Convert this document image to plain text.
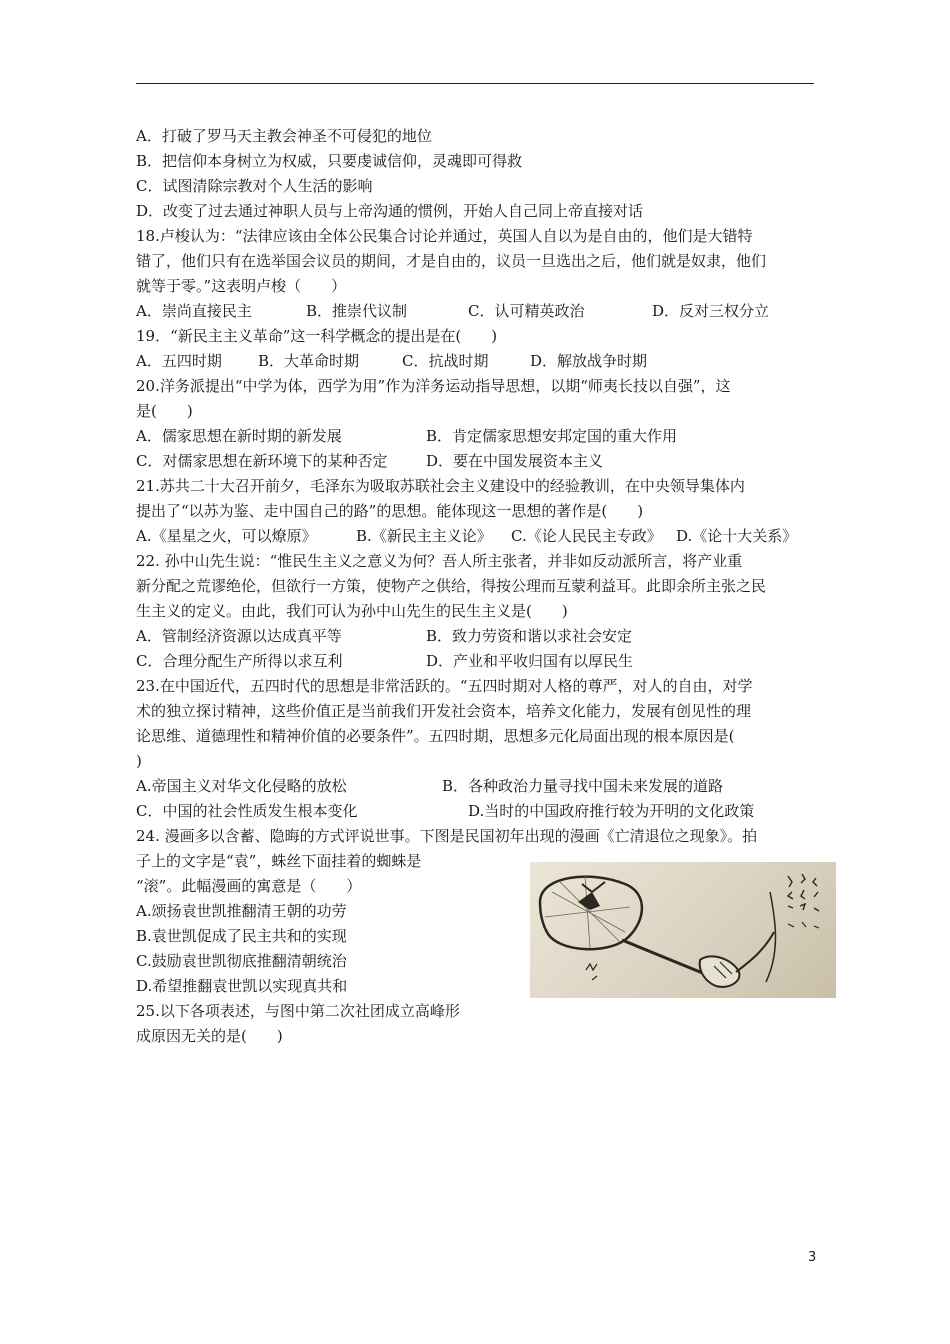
A．打破了罗马天主教会神圣不可侵犯的地位
B．把信仰本身树立为权威，只要虔诚信仰，灵魂即可得救
C．试图清除宗教对个人生活的影响
D．改变了过去通过神职人员与上帝沟通的惯例，开始人自己同上帝直接对话
18.卢梭认为：“法律应该由全体公民集合讨论并通过，英国人自以为是自由的，他们是大错特
错了，他们只有在选举国会议员的期间，才是自由的，议员一旦选出之后，他们就是奴隶，他们
就等于零。”这表明卢梭（　　）
A．崇尚直接民主	B．推崇代议制	C．认可精英政治	D．反对三权分立
19．“新民主主义革命”这一科学概念的提出是在(　　)
A．五四时期	B．大革命时期	C．抗战时期	D．解放战争时期
20.洋务派提出“中学为体，西学为用”作为洋务运动指导思想，以期“师夷长技以自强”，这
是(　　)
A．儒家思想在新时期的新发展	B．肯定儒家思想安邦定国的重大作用
C．对儒家思想在新环境下的某种否定	D．要在中国发展资本主义
21.苏共二十大召开前夕，毛泽东为吸取苏联社会主义建设中的经验教训，在中央领导集体内
提出了“以苏为鉴、走中国自己的路”的思想。能体现这一思想的著作是(　　)
A.《星星之火，可以燎原》	B.《新民主主义论》	C.《论人民民主专政》 D.《论十大关系》
22. 孙中山先生说：“惟民生主义之意义为何？吾人所主张者，并非如反动派所言，将产业重
新分配之荒谬绝伦，但欲行一方策，使物产之供给，得按公理而互蒙利益耳。此即余所主张之民
生主义的定义。由此，我们可认为孙中山先生的民生主义是(　　)
A．管制经济资源以达成真平等	B．致力劳资和谐以求社会安定
C．合理分配生产所得以求互利	D．产业和平收归国有以厚民生
23.在中国近代，五四时代的思想是非常活跃的。“五四时期对人格的尊严，对人的自由，对学
术的独立探讨精神，这些价值正是当前我们开发社会资本，培养文化能力，发展有创见性的理
论思维、道德理性和精神价值的必要条件”。五四时期，思想多元化局面出现的根本原因是(
)
A.帝国主义对华文化侵略的放松	B．各种政治力量寻找中国未来发展的道路
C．中国的社会性质发生根本变化	D.当时的中国政府推行较为开明的文化政策
24. 漫画多以含蓄、隐晦的方式评说世事。下图是民国初年出现的漫画《亡清退位之现象》。拍
子上的文字是“袁”，蛛丝下面挂着的蜘蛛是
“滚”。此幅漫画的寓意是（　　）
A.颂扬袁世凯推翻清王朝的功劳
B.袁世凯促成了民主共和的实现
C.鼓励袁世凯彻底推翻清朝统治
D.希望推翻袁世凯以实现真共和
25.以下各项表述，与图中第二次社团成立高峰形
成原因无关的是(　　)
3
